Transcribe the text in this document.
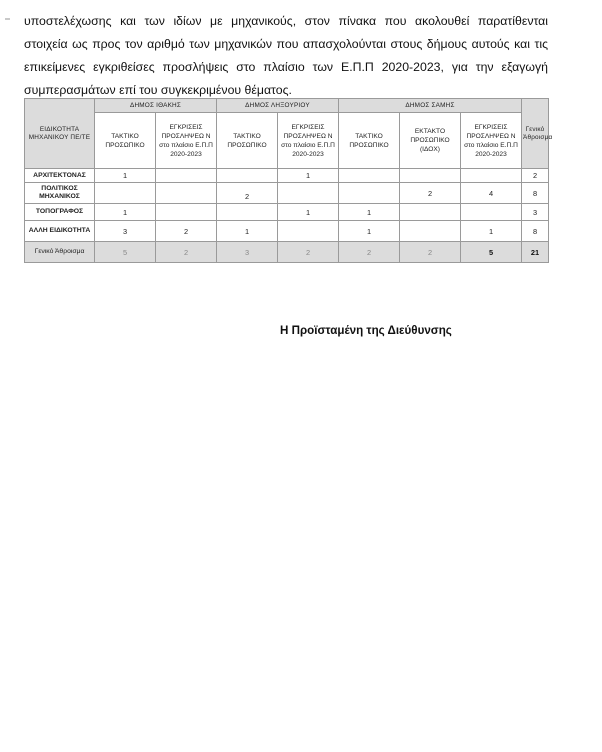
υποστελέχωσης και των ιδίων με μηχανικούς, στον πίνακα που ακολουθεί παρατίθενται
στοιχεία ως προς τον αριθμό των μηχανικών που απασχολούνται στους δήμους αυτούς και τις
επικείμενες εγκριθείσες προσλήψεις στο πλαίσιο των Ε.Π.Π 2020-2023, για την εξαγωγή
συμπερασμάτων επί του συγκεκριμένου θέματος.
ΕΙΔΙΚΟΤΗΤΑ ΜΗΧΑΝΙΚΟΥ ΠΕ/ΤΕ	ΔΗΜΟΣ ΙΘΑΚΗΣ		ΔΗΜΟΣ ΛΗΞΟΥΡΙΟΥ		ΔΗΜΟΣ ΣΑΜΗΣ			Γενικό Άθροισμα
	ΤΑΚΤΙΚΟ ΠΡΟΣΩΠΙΚΟ	ΕΓΚΡΙΣΕΙΣ ΠΡΟΣΛΗΨΕΩ Ν στο πλαίσιο Ε.Π.Π 2020-2023	ΤΑΚΤΙΚΟ ΠΡΟΣΩΠΙΚΟ	ΕΓΚΡΙΣΕΙΣ ΠΡΟΣΛΗΨΕΩ Ν στο πλαίσιο Ε.Π.Π 2020-2023	ΤΑΚΤΙΚΟ ΠΡΟΣΩΠΙΚΟ	ΕΚΤΑΚΤΟ ΠΡΟΣΩΠΙΚΟ (ΙΔΟΧ)	ΕΓΚΡΙΣΕΙΣ ΠΡΟΣΛΗΨΕΩ Ν στο πλαίσιο Ε.Π.Π 2020-2023	
ΑΡΧΙΤΕΚΤΟΝΑΣ	1			1				2
ΠΟΛΙΤΙΚΟΣ ΜΗΧΑΝΙΚΟΣ			2			2	4	8
ΤΟΠΟΓΡΑΦΟΣ	1			1	1			3
ΑΛΛΗ ΕΙΔΙΚΟΤΗΤΑ	3	2	1		1		1	8
Γενικό Άθροισμα	5	2	3	2	2	2	5	21
Η Προϊσταμένη της Διεύθυνσης
